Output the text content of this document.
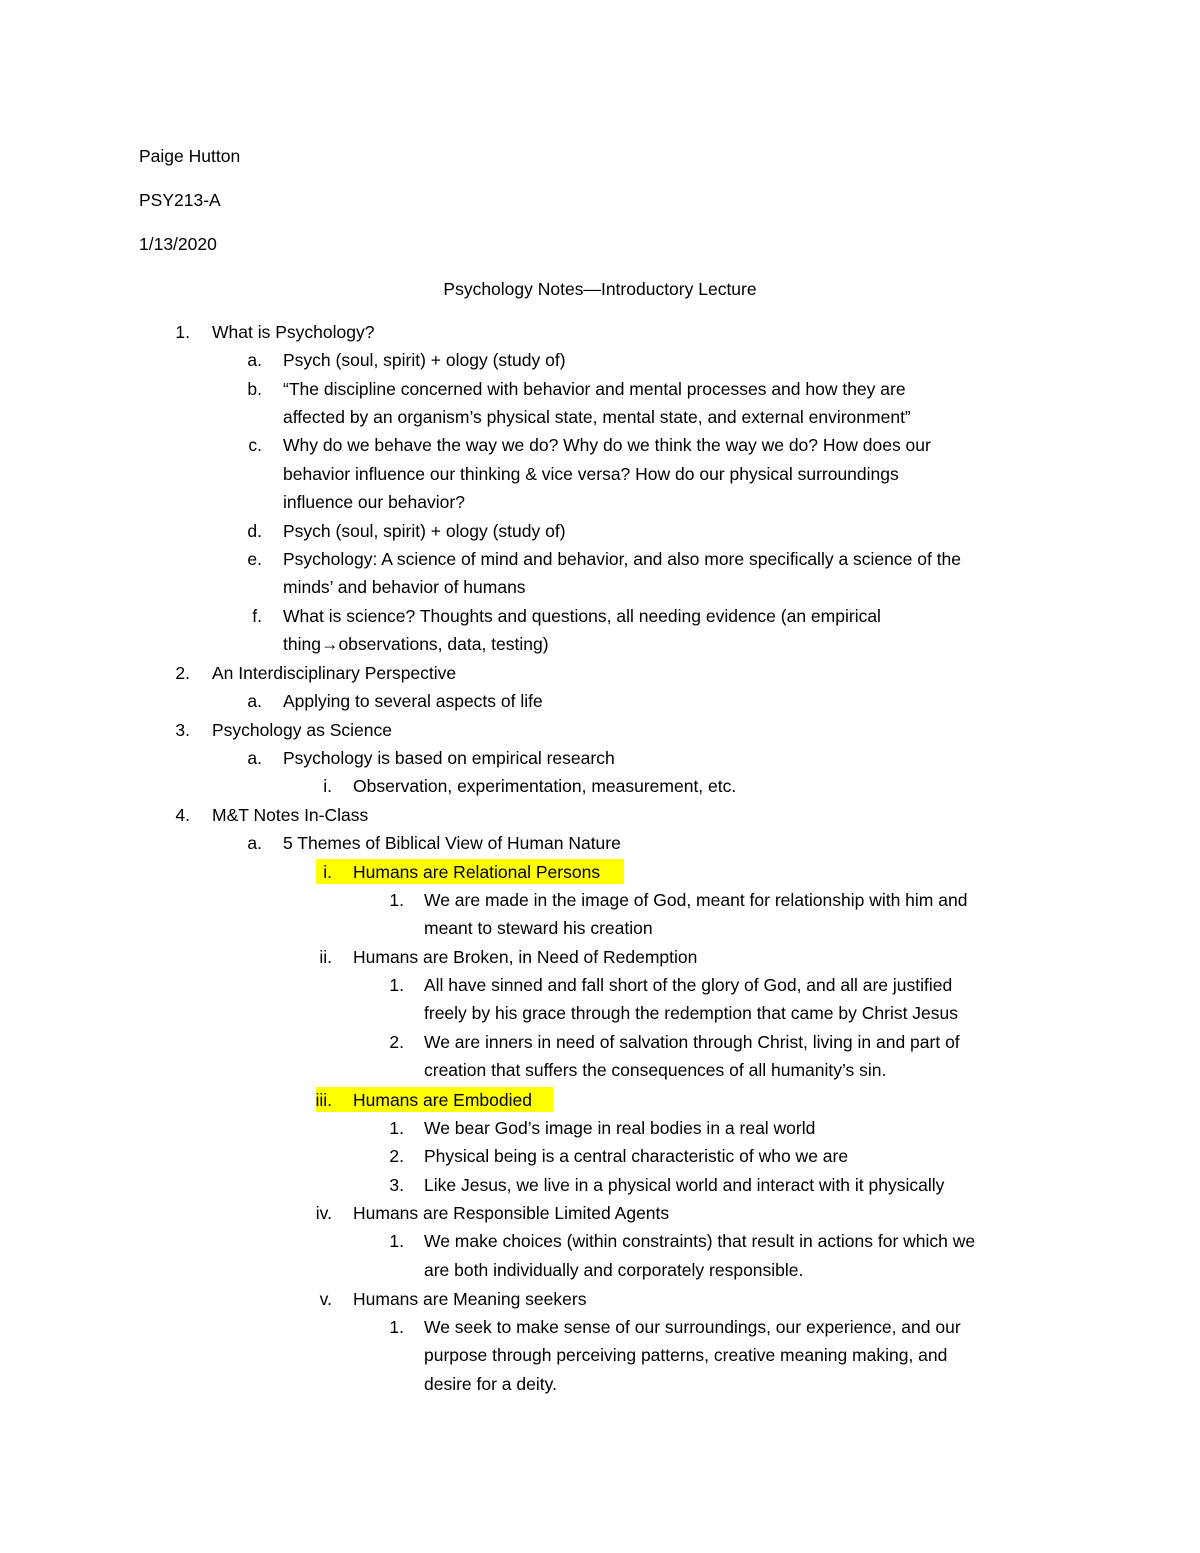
Paige Hutton
PSY213-A
1/13/2020
Psychology Notes—Introductory Lecture
1. What is Psychology?
a. Psych (soul, spirit) + ology (study of)
b. “The discipline concerned with behavior and mental processes and how they are
affected by an organism’s physical state, mental state, and external environment”
c. Why do we behave the way we do? Why do we think the way we do? How does our
behavior influence our thinking & vice versa? How do our physical surroundings
influence our behavior?
d. Psych (soul, spirit) + ology (study of)
e. Psychology: A science of mind and behavior, and also more specifically a science of the
minds’ and behavior of humans
f. What is science? Thoughts and questions, all needing evidence (an empirical
thing→observations, data, testing)
2. An Interdisciplinary Perspective
a. Applying to several aspects of life
3. Psychology as Science
a. Psychology is based on empirical research
i. Observation, experimentation, measurement, etc.
4. M&T Notes In-Class
a. 5 Themes of Biblical View of Human Nature
i. Humans are Relational Persons
1. We are made in the image of God, meant for relationship with him and
meant to steward his creation
ii. Humans are Broken, in Need of Redemption
1. All have sinned and fall short of the glory of God, and all are justified
freely by his grace through the redemption that came by Christ Jesus
2. We are inners in need of salvation through Christ, living in and part of
creation that suffers the consequences of all humanity’s sin.
iii. Humans are Embodied
1. We bear God’s image in real bodies in a real world
2. Physical being is a central characteristic of who we are
3. Like Jesus, we live in a physical world and interact with it physically
iv. Humans are Responsible Limited Agents
1. We make choices (within constraints) that result in actions for which we
are both individually and corporately responsible.
v. Humans are Meaning seekers
1. We seek to make sense of our surroundings, our experience, and our
purpose through perceiving patterns, creative meaning making, and
desire for a deity.
